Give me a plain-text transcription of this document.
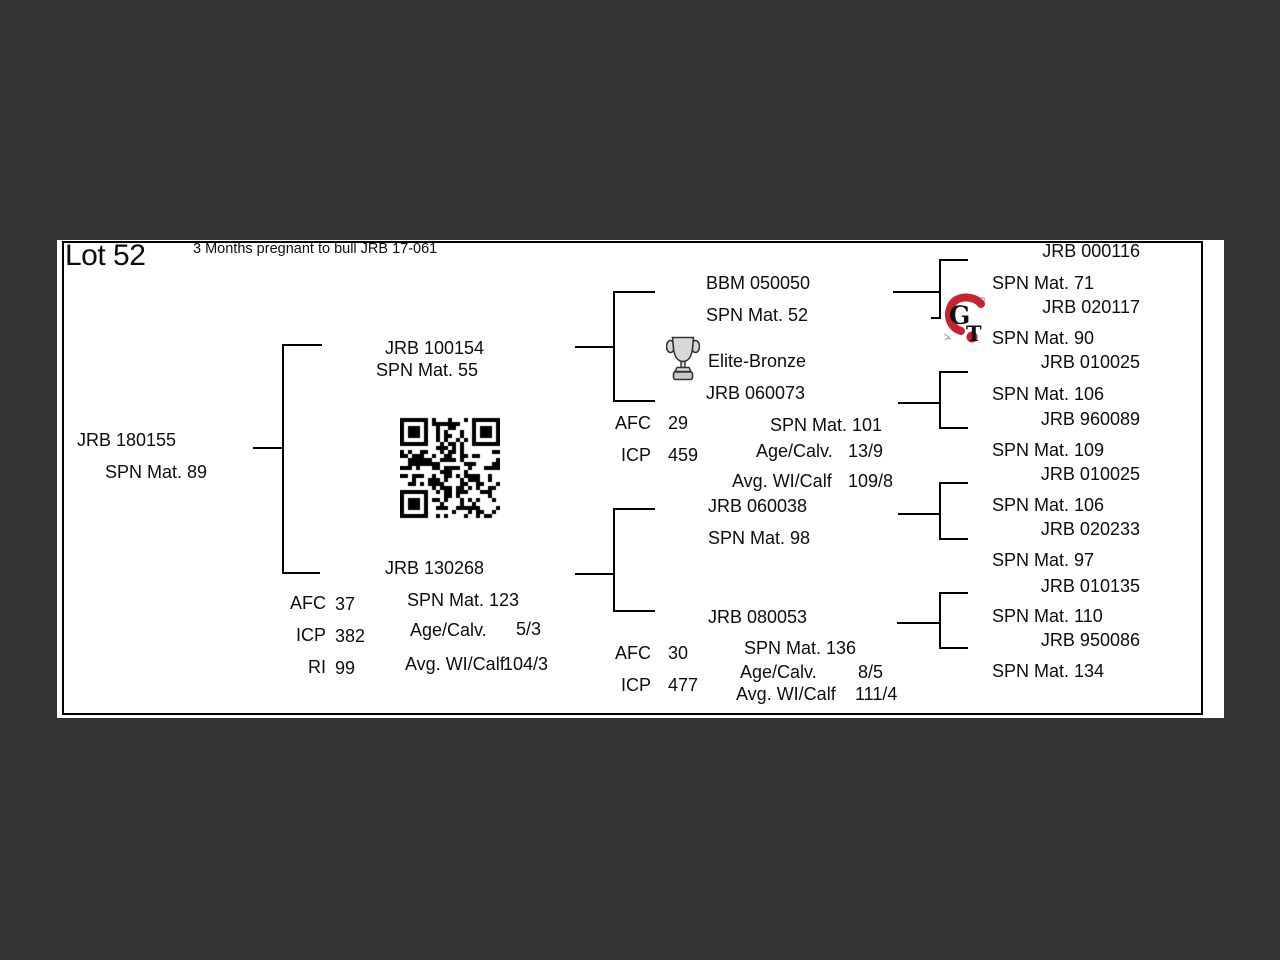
Lot 52	3 Months pregnant to bull JRB 17-061
JRB 180155
SPN Mat. 89
JRB 100154
SPN Mat. 55
JRB 130268
SPN Mat. 123
AFC 37
ICP 382
RI 99
Age/Calv. 5/3
Avg. WI/Calf
104/3
BBM 050050
SPN Mat. 52
Elite-Bronze
JRB 060073
AFC 29
ICP 459
SPN Mat. 101
Age/Calv. 13/9
Avg. WI/Calf 109/8
JRB 060038
SPN Mat. 98
JRB 080053
AFC 30	SPN Mat. 136
ICP 477
Age/Calv. 8/5
Avg. WI/Calf 111/4
JRB 000116
SPN Mat. 71
JRB 020117
SPN Mat. 90
JRB 010025
SPN Mat. 106
JRB 960089
SPN Mat. 109
JRB 010025
SPN Mat. 106
JRB 020233
SPN Mat. 97
JRB 010135
SPN Mat. 110
JRB 950086
SPN Mat. 134
G
T
